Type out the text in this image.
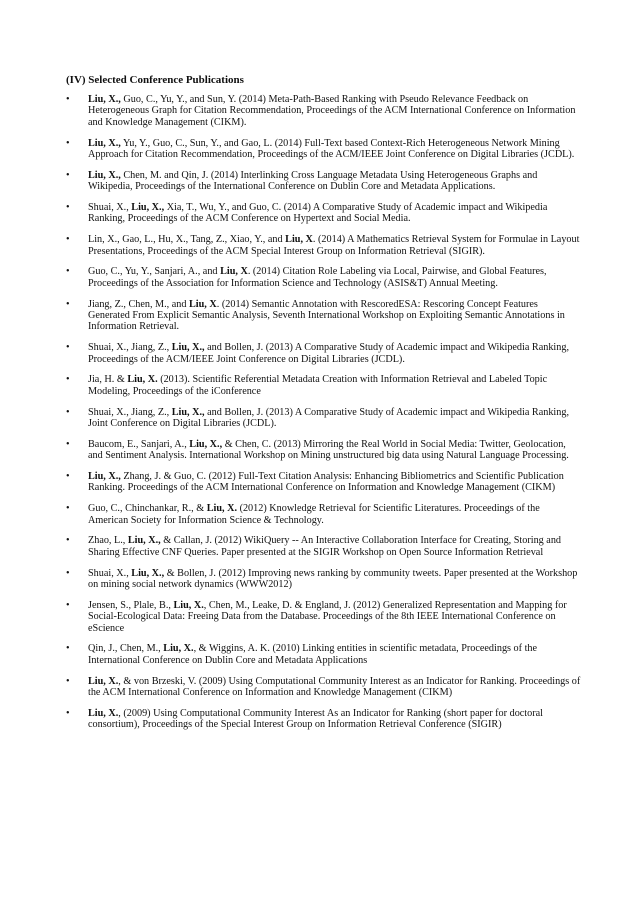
(IV) Selected Conference Publications

•	Liu, X., Guo, C., Yu, Y., and Sun, Y. (2014) Meta-Path-Based Ranking with Pseudo Relevance Feedback on Heterogeneous Graph for Citation Recommendation, Proceedings of the ACM International Conference on Information and Knowledge Management (CIKM).
•	Liu, X., Yu, Y., Guo, C., Sun, Y., and Gao, L. (2014) Full-Text based Context-Rich Heterogeneous Network Mining Approach for Citation Recommendation, Proceedings of the ACM/IEEE Joint Conference on Digital Libraries (JCDL).
•	Liu, X., Chen, M. and Qin, J. (2014) Interlinking Cross Language Metadata Using Heterogeneous Graphs and Wikipedia, Proceedings of the International Conference on Dublin Core and Metadata Applications.
•	Shuai, X., Liu, X., Xia, T., Wu, Y., and Guo, C. (2014) A Comparative Study of Academic impact and Wikipedia Ranking, Proceedings of the ACM Conference on Hypertext and Social Media.
•	Lin, X., Gao, L., Hu, X., Tang, Z., Xiao, Y., and Liu, X. (2014) A Mathematics Retrieval System for Formulae in Layout Presentations, Proceedings of the ACM Special Interest Group on Information Retrieval (SIGIR).
•	Guo, C., Yu, Y., Sanjari, A., and Liu, X. (2014) Citation Role Labeling via Local, Pairwise, and Global Features, Proceedings of the Association for Information Science and Technology (ASIS&T) Annual Meeting.
•	Jiang, Z., Chen, M., and Liu, X. (2014) Semantic Annotation with RescoredESA: Rescoring Concept Features Generated From Explicit Semantic Analysis, Seventh International Workshop on Exploiting Semantic Annotations in Information Retrieval.
•	Shuai, X., Jiang, Z., Liu, X., and Bollen, J. (2013) A Comparative Study of Academic impact and Wikipedia Ranking, Proceedings of the ACM/IEEE Joint Conference on Digital Libraries (JCDL).
•	Jia, H. & Liu, X. (2013). Scientific Referential Metadata Creation with Information Retrieval and Labeled Topic Modeling, Proceedings of the iConference
•	Shuai, X., Jiang, Z., Liu, X., and Bollen, J. (2013) A Comparative Study of Academic impact and Wikipedia Ranking, Joint Conference on Digital Libraries (JCDL).
•	Baucom, E., Sanjari, A., Liu, X., & Chen, C. (2013) Mirroring the Real World in Social Media: Twitter, Geolocation, and Sentiment Analysis. International Workshop on Mining unstructured big data using Natural Language Processing.
•	Liu, X., Zhang, J. & Guo, C. (2012) Full-Text Citation Analysis: Enhancing Bibliometrics and Scientific Publication Ranking. Proceedings of the ACM International Conference on Information and Knowledge Management (CIKM)
•	Guo, C., Chinchankar, R., & Liu, X. (2012) Knowledge Retrieval for Scientific Literatures. Proceedings of the American Society for Information Science & Technology.
•	Zhao, L., Liu, X., & Callan, J. (2012) WikiQuery -- An Interactive Collaboration Interface for Creating, Storing and Sharing Effective CNF Queries. Paper presented at the SIGIR Workshop on Open Source Information Retrieval
•	Shuai, X., Liu, X., & Bollen, J. (2012) Improving news ranking by community tweets. Paper presented at the Workshop on mining social network dynamics (WWW2012)
•	Jensen, S., Plale, B., Liu, X., Chen, M., Leake, D. & England, J. (2012) Generalized Representation and Mapping for Social-Ecological Data: Freeing Data from the Database. Proceedings of the 8th IEEE International Conference on eScience
•	Qin, J., Chen, M., Liu, X., & Wiggins, A. K. (2010) Linking entities in scientific metadata, Proceedings of the International Conference on Dublin Core and Metadata Applications
•	Liu, X., & von Brzeski, V. (2009) Using Computational Community Interest as an Indicator for Ranking. Proceedings of the ACM International Conference on Information and Knowledge Management (CIKM)
•	Liu, X., (2009) Using Computational Community Interest As an Indicator for Ranking (short paper for doctoral consortium), Proceedings of the Special Interest Group on Information Retrieval Conference (SIGIR)
